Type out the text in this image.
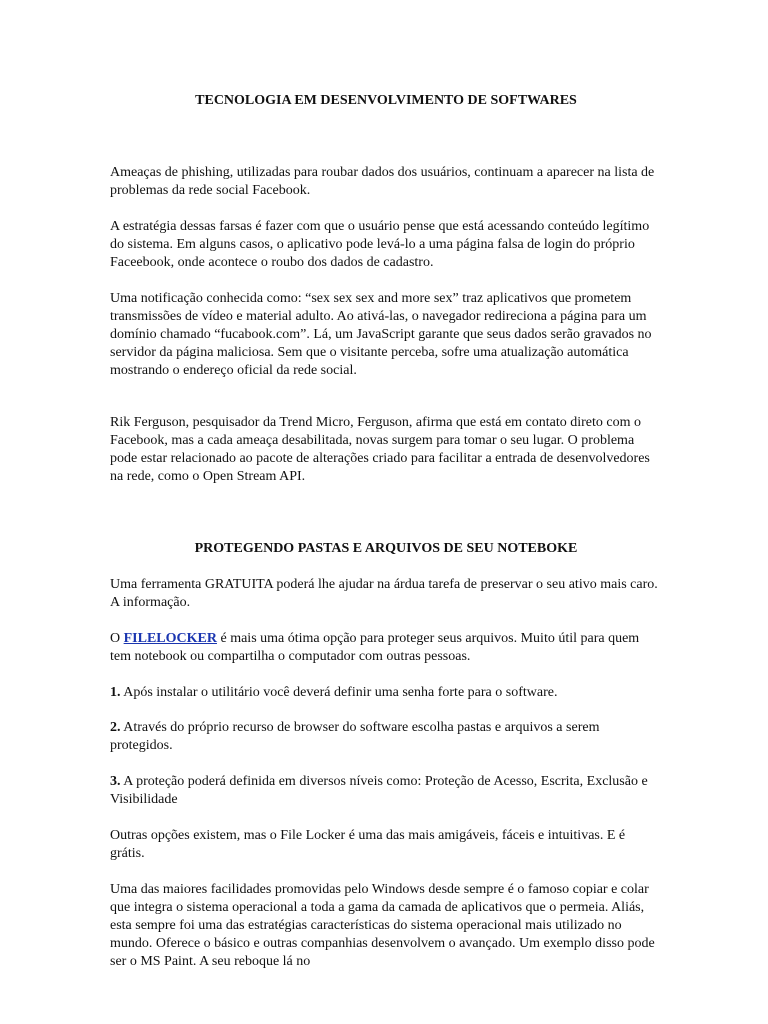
TECNOLOGIA EM DESENVOLVIMENTO DE SOFTWARES

Ameaças de phishing, utilizadas para roubar dados dos usuários, continuam a aparecer na lista de problemas da rede social Facebook.

A estratégia dessas farsas é fazer com que o usuário pense que está acessando conteúdo legítimo do sistema. Em alguns casos, o aplicativo pode levá-lo a uma página falsa de login do próprio Faceebook, onde acontece o roubo dos dados de cadastro.

Uma notificação conhecida como: “sex sex sex and more sex” traz aplicativos que prometem transmissões de vídeo e material adulto. Ao ativá-las, o navegador redireciona a página para um domínio chamado “fucabook.com”. Lá, um JavaScript garante que seus dados serão gravados no servidor da página maliciosa. Sem que o visitante perceba, sofre uma atualização automática mostrando o endereço oficial da rede social.

Rik Ferguson, pesquisador da Trend Micro, Ferguson, afirma que está em contato direto com o Facebook, mas a cada ameaça desabilitada, novas surgem para tomar o seu lugar. O problema pode estar relacionado ao pacote de alterações criado para facilitar a entrada de desenvolvedores na rede, como o Open Stream API.

PROTEGENDO PASTAS E ARQUIVOS DE SEU NOTEBOKE

Uma ferramenta GRATUITA poderá lhe ajudar na árdua tarefa de preservar o seu ativo mais caro. A informação.

O FILELOCKER é mais uma ótima opção para proteger seus arquivos. Muito útil para quem tem notebook ou compartilha o computador com outras pessoas.

1. Após instalar o utilitário você deverá definir uma senha forte para o software.

2. Através do próprio recurso de browser do software escolha pastas e arquivos a serem protegidos.

3. A proteção poderá definida em diversos níveis como: Proteção de Acesso, Escrita, Exclusão e Visibilidade

Outras opções existem, mas o File Locker é uma das mais amigáveis, fáceis e intuitivas. E é grátis.

Uma das maiores facilidades promovidas pelo Windows desde sempre é o famoso copiar e colar que integra o sistema operacional a toda a gama da camada de aplicativos que o permeia. Aliás, esta sempre foi uma das estratégias características do sistema operacional mais utilizado no mundo. Oferece o básico e outras companhias desenvolvem o avançado. Um exemplo disso pode ser o MS Paint. A seu reboque lá no
